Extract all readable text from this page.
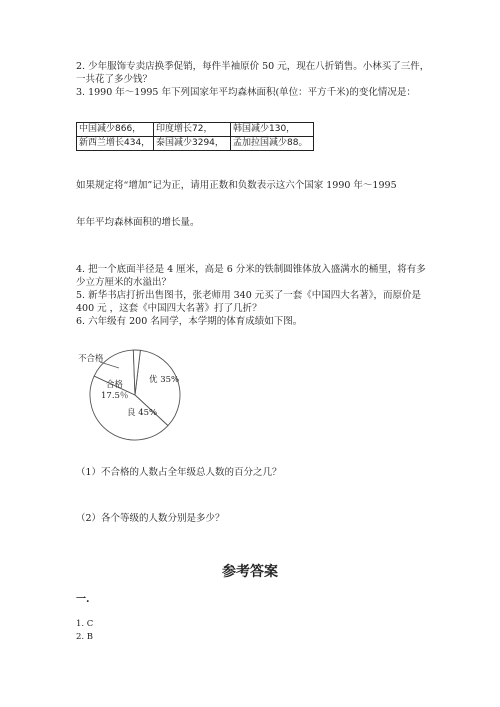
2. 少年服饰专卖店换季促销，每件半袖原价 50 元，现在八折销售。小林买了三件，一共花了多少钱？

3. 1990 年～1995 年下列国家年平均森林面积(单位：平方千米)的变化情况是：

中国减少866，	印度增长72，	韩国减少130，
新西兰增长434，	泰国减少3294，	孟加拉国减少88。

如果规定将“增加”记为正，请用正数和负数表示这六个国家 1990 年～1995

年年平均森林面积的增长量。

4. 把一个底面半径是 4 厘米，高是 6 分米的铁制圆锥体放入盛满水的桶里，将有多少立方厘米的水溢出？

5. 新华书店打折出售图书，张老师用 340 元买了一套《中国四大名著》，而原价是 400 元 ，这套《中国四大名著》打了几折？

6. 六年级有 200 名同学，本学期的体育成绩如下图。

不合格
合格
17.5％
优 35%
良 45%

（1）不合格的人数占全年级总人数的百分之几？

（2）各个等级的人数分别是多少？

参考答案
一.
1. C
2. B
